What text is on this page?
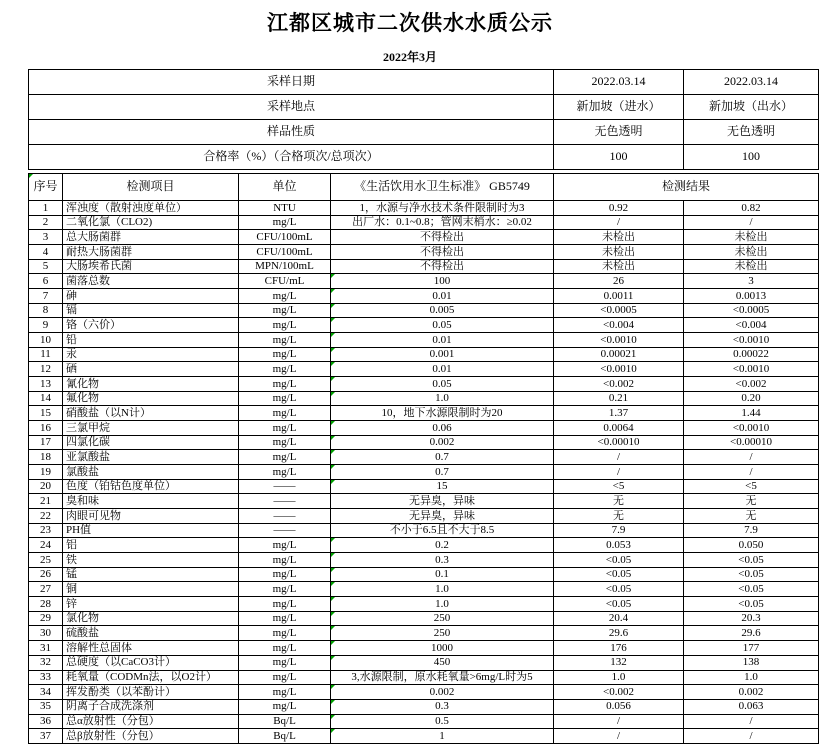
江都区城市二次供水水质公示
2022年3月
采样日期	2022.03.14	2022.03.14
采样地点	新加坡（进水）	新加坡（出水）
样品性质	无色透明	无色透明
合格率（%）（合格项次/总项次）	100	100
序号	检测项目	单位	《生活饮用水卫生标准》 GB5749	检测结果	
1	浑浊度（散射浊度单位）	NTU	1，水源与净水技术条件限制时为3	0.92	0.82
2	二氧化氯（CLO2)	mg/L	出厂水：0.1~0.8；管网末梢水：≥0.02	/	/
3	总大肠菌群	CFU/100mL	不得检出	未检出	未检出
4	耐热大肠菌群	CFU/100mL	不得检出	未检出	未检出
5	大肠埃希氏菌	MPN/100mL	不得检出	未检出	未检出
6	菌落总数	CFU/mL	100	26	3
7	砷	mg/L	0.01	0.0011	0.0013
8	镉	mg/L	0.005	<0.0005	<0.0005
9	铬（六价）	mg/L	0.05	<0.004	<0.004
10	铅	mg/L	0.01	<0.0010	<0.0010
11	汞	mg/L	0.001	0.00021	0.00022
12	硒	mg/L	0.01	<0.0010	<0.0010
13	氰化物	mg/L	0.05	<0.002	<0.002
14	氟化物	mg/L	1.0	0.21	0.20
15	硝酸盐（以N计）	mg/L	10，地下水源限制时为20	1.37	1.44
16	三氯甲烷	mg/L	0.06	0.0064	<0.0010
17	四氯化碳	mg/L	0.002	<0.00010	<0.00010
18	亚氯酸盐	mg/L	0.7	/	/
19	氯酸盐	mg/L	0.7	/	/
20	色度（铂钴色度单位）	——	15	<5	<5
21	臭和味	——	无异臭，异味	无	无
22	肉眼可见物	——	无异臭，异味	无	无
23	PH值	——	不小于6.5且不大于8.5	7.9	7.9
24	铝	mg/L	0.2	0.053	0.050
25	铁	mg/L	0.3	<0.05	<0.05
26	锰	mg/L	0.1	<0.05	<0.05
27	铜	mg/L	1.0	<0.05	<0.05
28	锌	mg/L	1.0	<0.05	<0.05
29	氯化物	mg/L	250	20.4	20.3
30	硫酸盐	mg/L	250	29.6	29.6
31	溶解性总固体	mg/L	1000	176	177
32	总硬度（以CaCO3计）	mg/L	450	132	138
33	耗氧量（CODMn法，以O2计）	mg/L	3,水源限制，原水耗氧量>6mg/L时为5	1.0	1.0
34	挥发酚类（以苯酚计）	mg/L	0.002	<0.002	0.002
35	阴离子合成洗涤剂	mg/L	0.3	0.056	0.063
36	总α放射性（分包）	Bq/L	0.5	/	/
37	总β放射性（分包）	Bq/L	1	/	/
